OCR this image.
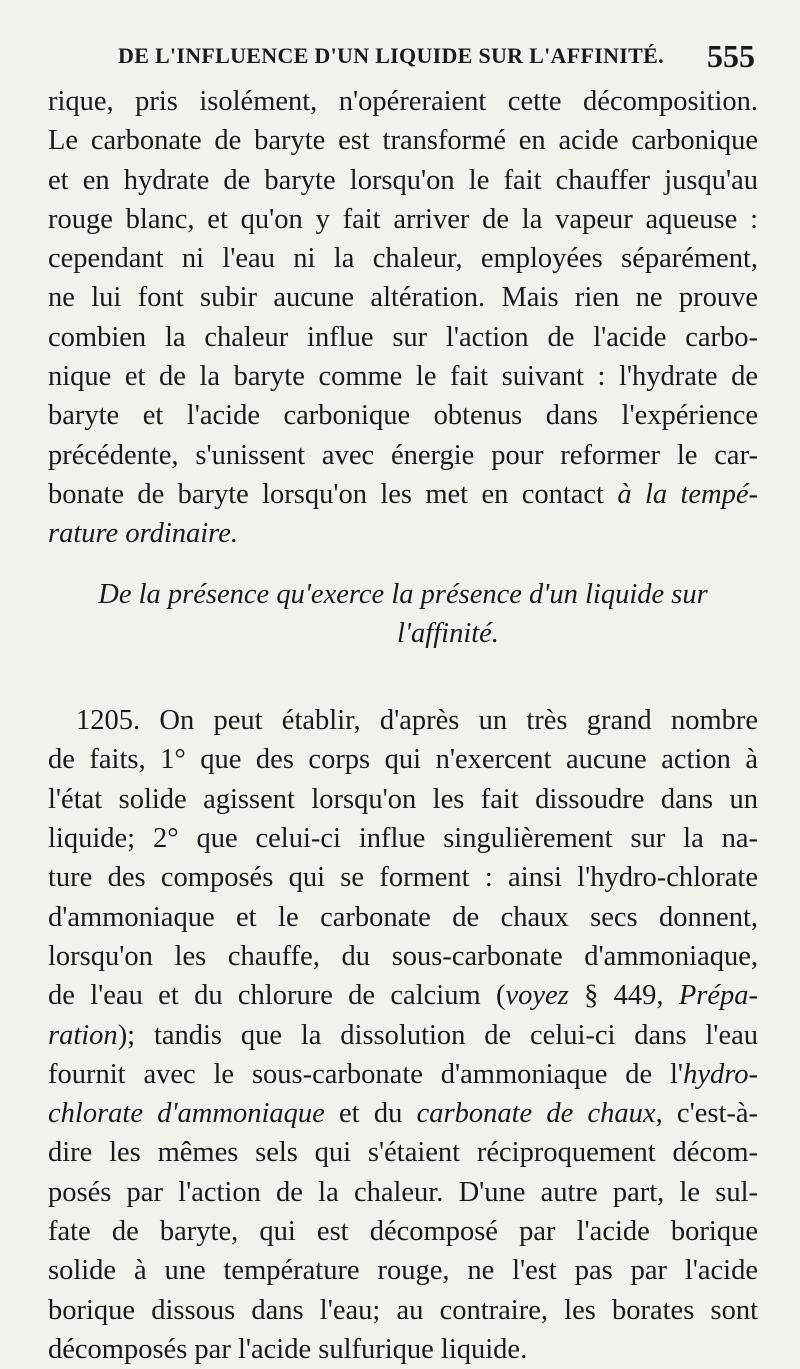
DE L'INFLUENCE D'UN LIQUIDE SUR L'AFFINITÉ. 555
rique, pris isolément, n'opéreraient cette décomposition.
Le carbonate de baryte est transformé en acide carbonique
et en hydrate de baryte lorsqu'on le fait chauffer jusqu'au
rouge blanc, et qu'on y fait arriver de la vapeur aqueuse :
cependant ni l'eau ni la chaleur, employées séparément,
ne lui font subir aucune altération. Mais rien ne prouve
combien la chaleur influe sur l'action de l'acide carbo-
nique et de la baryte comme le fait suivant : l'hydrate de
baryte et l'acide carbonique obtenus dans l'expérience
précédente, s'unissent avec énergie pour reformer le car-
bonate de baryte lorsqu'on les met en contact à la tempé-
rature ordinaire.
De la présence qu'exerce la présence d'un liquide sur
l'affinité.
1205. On peut établir, d'après un très grand nombre
de faits, 1° que des corps qui n'exercent aucune action à
l'état solide agissent lorsqu'on les fait dissoudre dans un
liquide; 2° que celui-ci influe singulièrement sur la na-
ture des composés qui se forment : ainsi l'hydro-chlorate
d'ammoniaque et le carbonate de chaux secs donnent,
lorsqu'on les chauffe, du sous-carbonate d'ammoniaque,
de l'eau et du chlorure de calcium (voyez § 449, Prépa-
ration); tandis que la dissolution de celui-ci dans l'eau
fournit avec le sous-carbonate d'ammoniaque de l'hydro-
chlorate d'ammoniaque et du carbonate de chaux, c'est-à-
dire les mêmes sels qui s'étaient réciproquement décom-
posés par l'action de la chaleur. D'une autre part, le sul-
fate de baryte, qui est décomposé par l'acide borique
solide à une température rouge, ne l'est pas par l'acide
borique dissous dans l'eau; au contraire, les borates sont
décomposés par l'acide sulfurique liquide.
